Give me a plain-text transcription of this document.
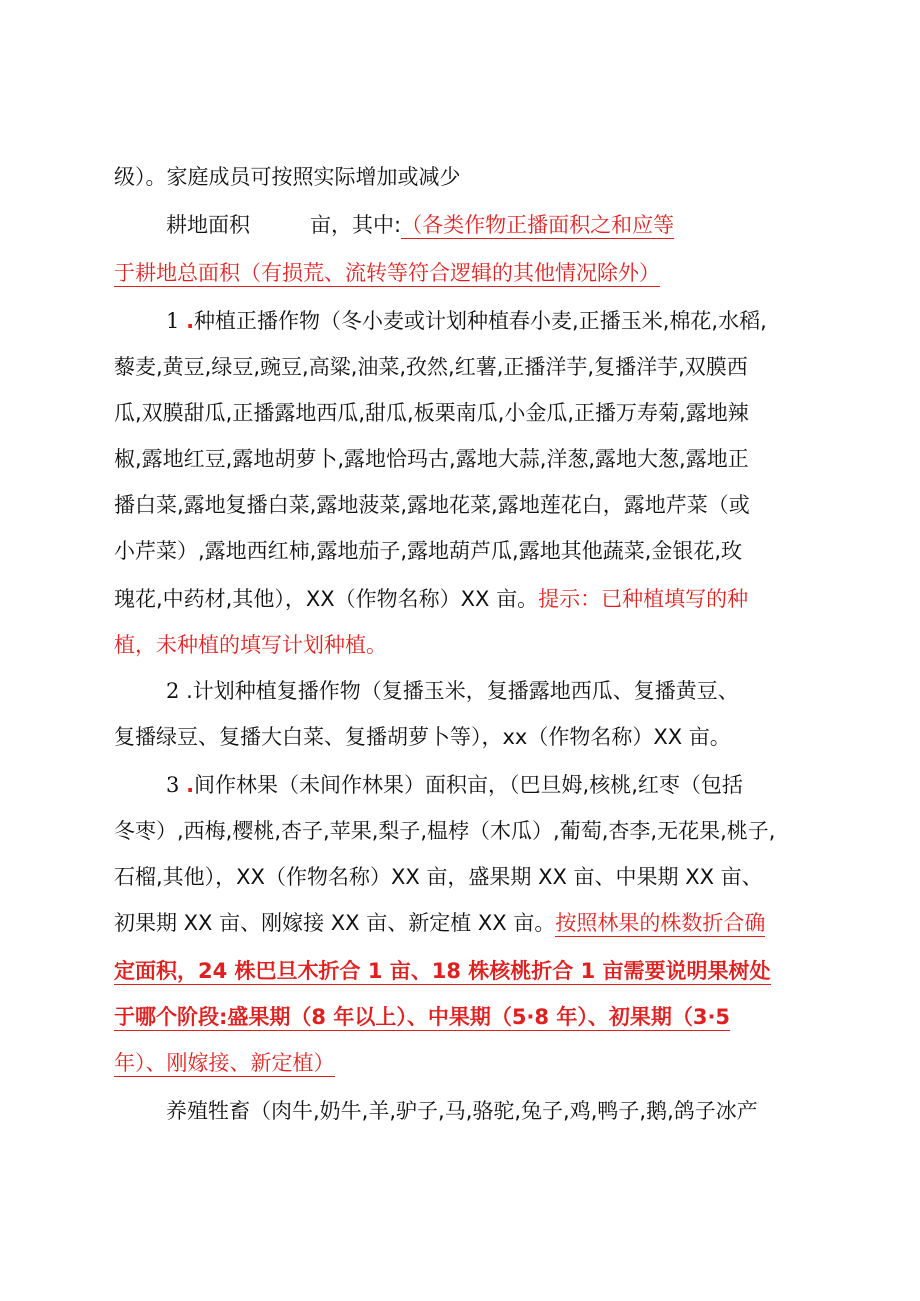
级）。家庭成员可按照实际增加或减少
耕地面积	亩，其中:（各类作物正播面积之和应等
于耕地总面积（有损荒、流转等符合逻辑的其他情况除外）
1 .种植正播作物（冬小麦或计划种植春小麦,正播玉米,棉花,水稻,
藜麦,黄豆,绿豆,豌豆,高粱,油菜,孜然,红薯,正播洋芋,复播洋芋,双膜西
瓜,双膜甜瓜,正播露地西瓜,甜瓜,板栗南瓜,小金瓜,正播万寿菊,露地辣
椒,露地红豆,露地胡萝卜,露地恰玛古,露地大蒜,洋葱,露地大葱,露地正
播白菜,露地复播白菜,露地菠菜,露地花菜,露地莲花白，露地芹菜（或
小芹菜）,露地西红柿,露地茄子,露地葫芦瓜,露地其他蔬菜,金银花,玫
瑰花,中药材,其他），XX（作物名称）XX 亩。提示：已种植填写的种
植，未种植的填写计划种植。
2 .计划种植复播作物（复播玉米，复播露地西瓜、复播黄豆、
复播绿豆、复播大白菜、复播胡萝卜等），xx（作物名称）XX 亩。
3 .间作林果（未间作林果）面积亩，（巴旦姆,核桃,红枣（包括
冬枣）,西梅,樱桃,杏子,苹果,梨子,榅桲（木瓜）,葡萄,杏李,无花果,桃子,
石榴,其他），XX（作物名称）XX 亩，盛果期 XX 亩、中果期 XX 亩、
初果期 XX 亩、刚嫁接 XX 亩、新定植 XX 亩。按照林果的株数折合确
定面积，24 株巴旦木折合 1 亩、18 株核桃折合 1 亩需要说明果树处
于哪个阶段:盛果期（8 年以上）、中果期（5·8 年）、初果期（3·5
年）、刚嫁接、新定植）
养殖牲畜（肉牛,奶牛,羊,驴子,马,骆驼,兔子,鸡,鸭子,鹅,鸽子冰产
